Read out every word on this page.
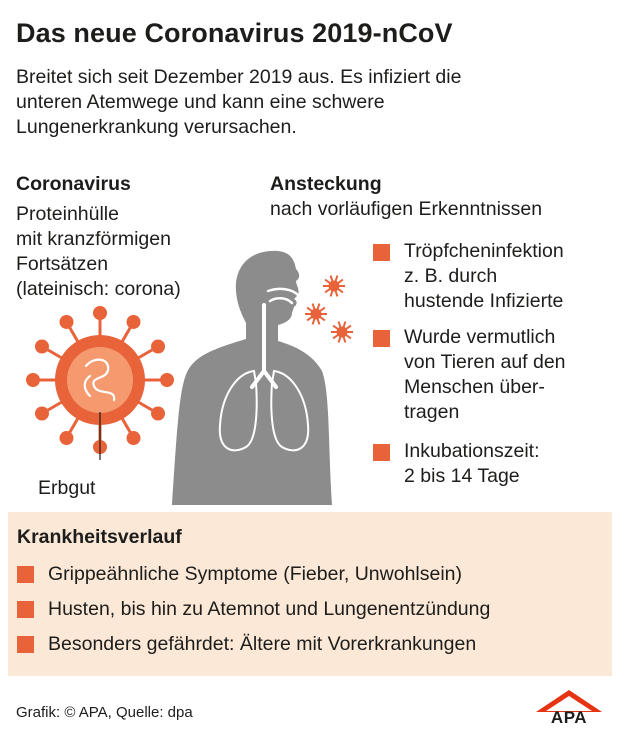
Das neue Coronavirus 2019-nCoV
Breitet sich seit Dezember 2019 aus. Es infiziert die
unteren Atemwege und kann eine schwere
Lungenerkrankung verursachen.
Coronavirus
Proteinhülle
mit kranzförmigen
Fortsätzen
(lateinisch: corona)
Erbgut
Ansteckung
nach vorläufigen Erkenntnissen
Tröpfcheninfektion
z. B. durch
hustende Infizierte
Wurde vermutlich
von Tieren auf den
Menschen über-
tragen
Inkubationszeit:
2 bis 14 Tage
Krankheitsverlauf
Grippeähnliche Symptome (Fieber, Unwohlsein)
Husten, bis hin zu Atemnot und Lungenentzündung
Besonders gefährdet: Ältere mit Vorerkrankungen
Grafik: © APA, Quelle: dpa	APA
